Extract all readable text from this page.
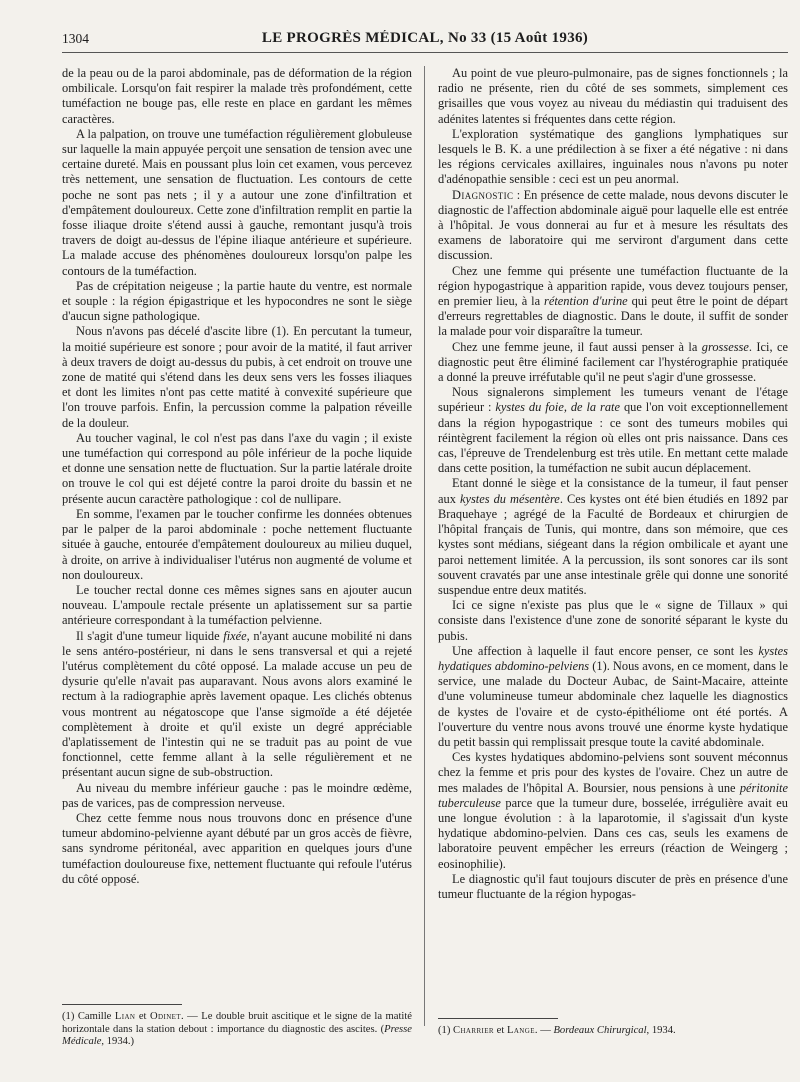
1304	LE PROGRÈS MÉDICAL, No 33 (15 Août 1936)

de la peau ou de la paroi abdominale, pas de déformation de la région ombilicale. Lorsqu'on fait respirer la malade très profondément, cette tuméfaction ne bouge pas, elle reste en place en gardant les mêmes caractères.

A la palpation, on trouve une tuméfaction régulièrement globuleuse sur laquelle la main appuyée perçoit une sensation de tension avec une certaine dureté. Mais en poussant plus loin cet examen, vous percevez très nettement, une sensation de fluctuation. Les contours de cette poche ne sont pas nets ; il y a autour une zone d'infiltration et d'empâtement douloureux. Cette zone d'infiltration remplit en partie la fosse iliaque droite s'étend aussi à gauche, remontant jusqu'à trois travers de doigt au-dessus de l'épine iliaque antérieure et supérieure. La malade accuse des phénomènes douloureux lorsqu'on palpe les contours de la tuméfaction.

Pas de crépitation neigeuse ; la partie haute du ventre, est normale et souple : la région épigastrique et les hypocondres ne sont le siège d'aucun signe pathologique.

Nous n'avons pas décelé d'ascite libre (1). En percutant la tumeur, la moitié supérieure est sonore ; pour avoir de la matité, il faut arriver à deux travers de doigt au-dessus du pubis, à cet endroit on trouve une zone de matité qui s'étend dans les deux sens vers les fosses iliaques et dont les limites n'ont pas cette matité à convexité supérieure que l'on trouve parfois. Enfin, la percussion comme la palpation réveille de la douleur.

Au toucher vaginal, le col n'est pas dans l'axe du vagin ; il existe une tuméfaction qui correspond au pôle inférieur de la poche liquide et donne une sensation nette de fluctuation. Sur la partie latérale droite on trouve le col qui est déjeté contre la paroi droite du bassin et ne présente aucun caractère pathologique : col de nullipare.

En somme, l'examen par le toucher confirme les données obtenues par le palper de la paroi abdominale : poche nettement fluctuante située à gauche, entourée d'empâtement douloureux au milieu duquel, à droite, on arrive à individualiser l'utérus non augmenté de volume et non douloureux.

Le toucher rectal donne ces mêmes signes sans en ajouter aucun nouveau. L'ampoule rectale présente un aplatissement sur sa partie antérieure correspondant à la tuméfaction pelvienne.

Il s'agit d'une tumeur liquide fixée, n'ayant aucune mobilité ni dans le sens antéro-postérieur, ni dans le sens transversal et qui a rejeté l'utérus complètement du côté opposé. La malade accuse un peu de dysurie qu'elle n'avait pas auparavant. Nous avons alors examiné le rectum à la radiographie après lavement opaque. Les clichés obtenus vous montrent au négatoscope que l'anse sigmoïde a été déjetée complètement à droite et qu'il existe un degré appréciable d'aplatissement de l'intestin qui ne se traduit pas au point de vue fonctionnel, cette femme allant à la selle régulièrement et ne présentant aucun signe de sub-obstruction.

Au niveau du membre inférieur gauche : pas le moindre œdème, pas de varices, pas de compression nerveuse.

Chez cette femme nous nous trouvons donc en présence d'une tumeur abdomino-pelvienne ayant débuté par un gros accès de fièvre, sans syndrome péritonéal, avec apparition en quelques jours d'une tuméfaction douloureuse fixe, nettement fluctuante qui refoule l'utérus du côté opposé.

(1) Camille Lian et Odinet. — Le double bruit ascitique et le signe de la matité horizontale dans la station debout : importance du diagnostic des ascites. (Presse Médicale, 1934.)

Au point de vue pleuro-pulmonaire, pas de signes fonctionnels ; la radio ne présente, rien du côté de ses sommets, simplement ces grisailles que vous voyez au niveau du médiastin qui traduisent des adénites latentes si fréquentes dans cette région.

L'exploration systématique des ganglions lymphatiques sur lesquels le B. K. a une prédilection à se fixer a été négative : ni dans les régions cervicales axillaires, inguinales nous n'avons pu noter d'adénopathie sensible : ceci est un peu anormal.

Diagnostic : En présence de cette malade, nous devons discuter le diagnostic de l'affection abdominale aiguë pour laquelle elle est entrée à l'hôpital. Je vous donnerai au fur et à mesure les résultats des examens de laboratoire qui me serviront d'argument dans cette discussion.

Chez une femme qui présente une tuméfaction fluctuante de la région hypogastrique à apparition rapide, vous devez toujours penser, en premier lieu, à la rétention d'urine qui peut être le point de départ d'erreurs regrettables de diagnostic. Dans le doute, il suffit de sonder la malade pour voir disparaître la tumeur.

Chez une femme jeune, il faut aussi penser à la grossesse. Ici, ce diagnostic peut être éliminé facilement car l'hystérographie pratiquée a donné la preuve irréfutable qu'il ne peut s'agir d'une grossesse.

Nous signalerons simplement les tumeurs venant de l'étage supérieur : kystes du foie, de la rate que l'on voit exceptionnellement dans la région hypogastrique : ce sont des tumeurs mobiles qui réintègrent facilement la région où elles ont pris naissance. Dans ces cas, l'épreuve de Trendelenburg est très utile. En mettant cette malade dans cette position, la tuméfaction ne subit aucun déplacement.

Etant donné le siège et la consistance de la tumeur, il faut penser aux kystes du mésentère. Ces kystes ont été bien étudiés en 1892 par Braquehaye ; agrégé de la Faculté de Bordeaux et chirurgien de l'hôpital français de Tunis, qui montre, dans son mémoire, que ces kystes sont médians, siégeant dans la région ombilicale et ayant une paroi nettement limitée. A la percussion, ils sont sonores car ils sont souvent cravatés par une anse intestinale grêle qui donne une sonorité suspendue entre deux matités.

Ici ce signe n'existe pas plus que le « signe de Tillaux » qui consiste dans l'existence d'une zone de sonorité séparant le kyste du pubis.

Une affection à laquelle il faut encore penser, ce sont les kystes hydatiques abdomino-pelviens (1). Nous avons, en ce moment, dans le service, une malade du Docteur Aubac, de Saint-Macaire, atteinte d'une volumineuse tumeur abdominale chez laquelle les diagnostics de kystes de l'ovaire et de cysto-épithéliome ont été portés. A l'ouverture du ventre nous avons trouvé une énorme kyste hydatique du petit bassin qui remplissait presque toute la cavité abdominale.

Ces kystes hydatiques abdomino-pelviens sont souvent méconnus chez la femme et pris pour des kystes de l'ovaire. Chez un autre de mes malades de l'hôpital A. Boursier, nous pensions à une péritonite tuberculeuse parce que la tumeur dure, bosselée, irrégulière avait eu une longue évolution : à la laparotomie, il s'agissait d'un kyste hydatique abdomino-pelvien. Dans ces cas, seuls les examens de laboratoire peuvent empêcher les erreurs (réaction de Weingerg ; eosinophilie).

Le diagnostic qu'il faut toujours discuter de près en présence d'une tumeur fluctuante de la région hypogas-

(1) Charrier et Lange. — Bordeaux Chirurgical, 1934.
